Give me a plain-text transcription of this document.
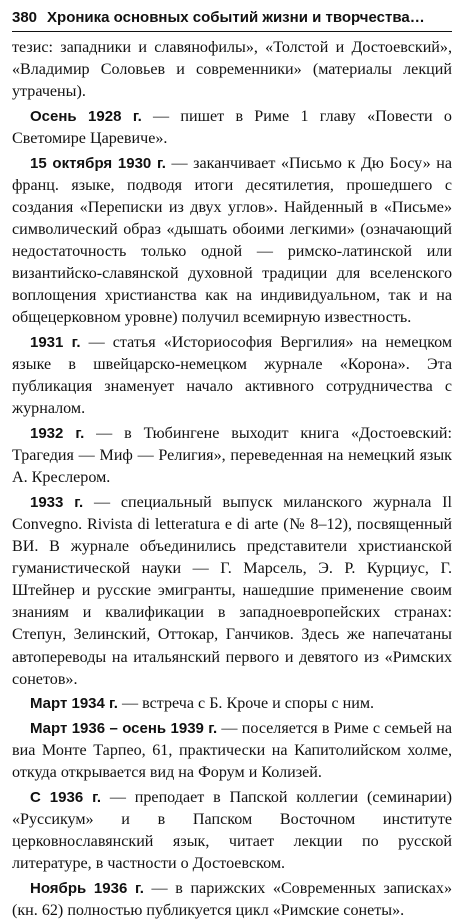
380 Хроника основных событий жизни и творчества…

тезис: западники и славянофилы», «Толстой и Достоевский», «Владимир Соловьев и современники» (материалы лекций утрачены).

Осень 1928 г. — пишет в Риме 1 главу «Повести о Светомире Царевиче».

15 октября 1930 г. — заканчивает «Письмо к Дю Босу» на франц. языке, подводя итоги десятилетия, прошедшего с создания «Переписки из двух углов». Найденный в «Письме» символический образ «дышать обоими легкими» (означающий недостаточность только одной — римско-латинской или византийско-славянской духовной традиции для вселенского воплощения христианства как на индивидуальном, так и на общецерковном уровне) получил всемирную известность.

1931 г. — статья «Историософия Вергилия» на немецком языке в швейцарско-немецком журнале «Корона». Эта публикация знаменует начало активного сотрудничества с журналом.

1932 г. — в Тюбингене выходит книга «Достоевский: Трагедия — Миф — Религия», переведенная на немецкий язык А. Креслером.

1933 г. — специальный выпуск миланского журнала Il Convegno. Rivista di letteratura e di arte (№ 8–12), посвященный ВИ. В журнале объединились представители христианской гуманистической науки — Г. Марсель, Э. Р. Курциус, Г. Штейнер и русские эмигранты, нашедшие применение своим знаниям и квалификации в западноевропейских странах: Степун, Зелинский, Оттокар, Ганчиков. Здесь же напечатаны автопереводы на итальянский первого и девятого из «Римских сонетов».

Март 1934 г. — встреча с Б. Кроче и споры с ним.

Март 1936 – осень 1939 г. — поселяется в Риме с семьей на виа Монте Тарпео, 61, практически на Капитолийском холме, откуда открывается вид на Форум и Колизей.

С 1936 г. — преподает в Папской коллегии (семинарии) «Руссикум» и в Папском Восточном институте церковнославянский язык, читает лекции по русской литературе, в частности о Достоевском.

Ноябрь 1936 г. — в парижских «Современных записках» (кн. 62) полностью публикуется цикл «Римские сонеты».
